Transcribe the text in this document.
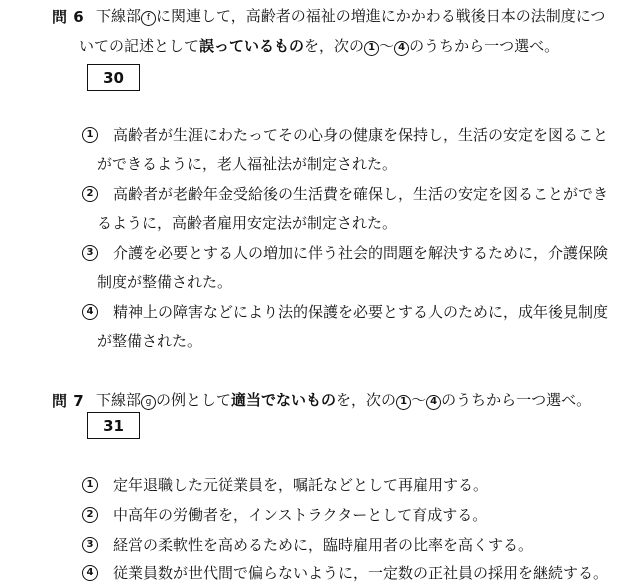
問 6 下線部 f に関連して，高齢者の福祉の増進にかかわる戦後日本の法制度につ
いての記述として誤っているものを，次の 1 ～ 4 のうちから一つ選べ。
30
1	高齢者が生涯にわたってその心身の健康を保持し，生活の安定を図ること
ができるように，老人福祉法が制定された。
2	高齢者が老齢年金受給後の生活費を確保し，生活の安定を図ることができ
るように，高齢者雇用安定法が制定された。
3	介護を必要とする人の増加に伴う社会的問題を解決するために，介護保険
制度が整備された。
4	精神上の障害などにより法的保護を必要とする人のために，成年後見制度
が整備された。
問 7 下線部 g の例として適当でないものを，次の 1 ～ 4 のうちから一つ選べ。
31
1	定年退職した元従業員を，嘱託などとして再雇用する。
2	中高年の労働者を，インストラクターとして育成する。
3	経営の柔軟性を高めるために，臨時雇用者の比率を高くする。
4	従業員数が世代間で偏らないように，一定数の正社員の採用を継続する。
